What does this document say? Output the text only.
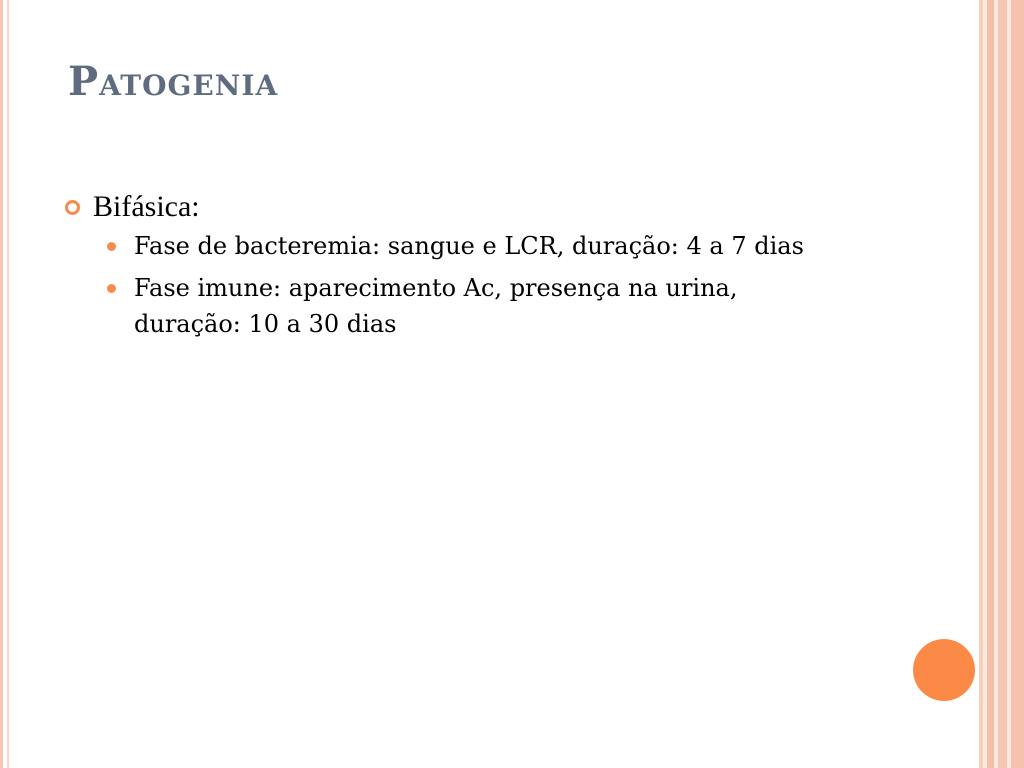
Patogenia
Bifásica:
Fase de bacteremia: sangue e LCR, duração: 4 a 7 dias
Fase imune: aparecimento Ac, presença na urina, duração: 10 a 30 dias
